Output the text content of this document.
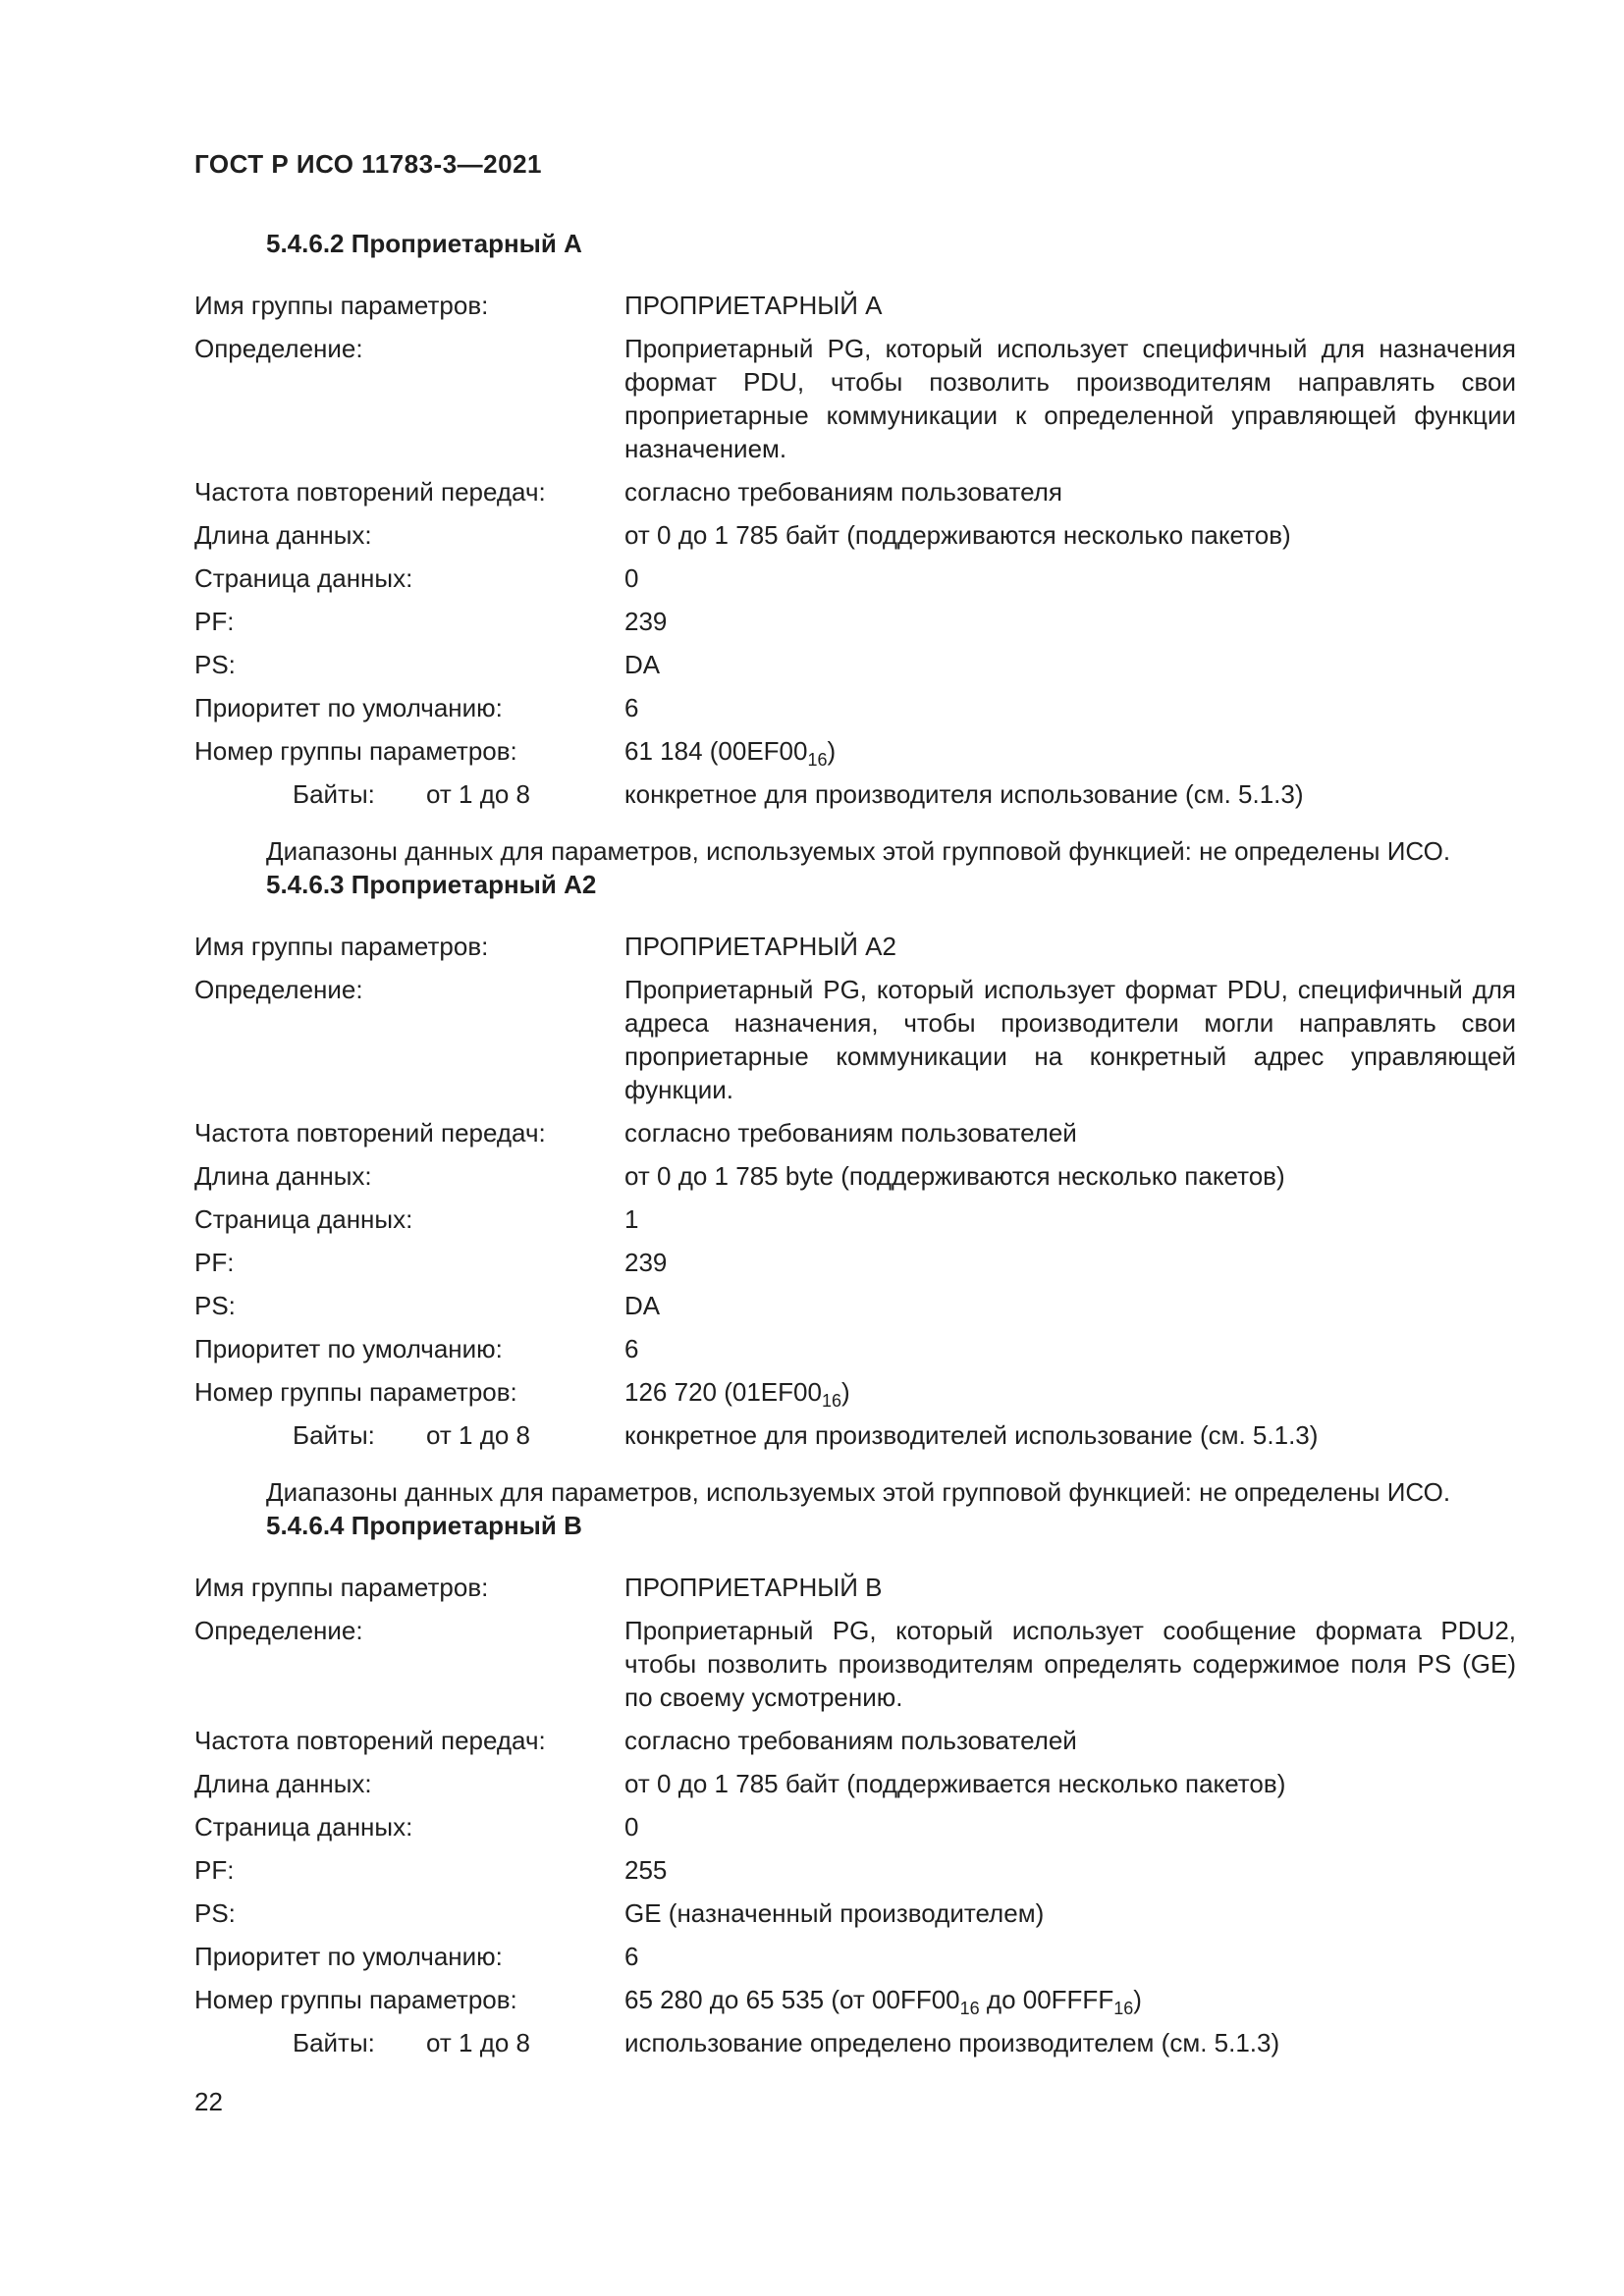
ГОСТ Р ИСО 11783-3—2021
5.4.6.2 Проприетарный А
Имя группы параметров:	ПРОПРИЕТАРНЫЙ А
Определение:	Проприетарный PG, который использует специфичный для назначения формат PDU, чтобы позволить производителям направлять свои проприетарные коммуникации к определенной управляющей функции назначением.
Частота повторений передач:	согласно требованиям пользователя
Длина данных:	от 0 до 1 785 байт (поддерживаются несколько пакетов)
Страница данных:	0
PF:	239
PS:	DA
Приоритет по умолчанию:	6
Номер группы параметров:	61 184 $(00EF00_{16})$
Байты: от 1 до 8	конкретное для производителя использование (см. 5.1.3)
Диапазоны данных для параметров, используемых этой групповой функцией: не определены ИСО.
5.4.6.3 Проприетарный А2
Имя группы параметров:	ПРОПРИЕТАРНЫЙ А2
Определение:	Проприетарный PG, который использует формат PDU, специфичный для адреса назначения, чтобы производители могли направлять свои проприетарные коммуникации на конкретный адрес управляющей функции.
Частота повторений передач:	согласно требованиям пользователей
Длина данных:	от 0 до 1 785 byte (поддерживаются несколько пакетов)
Страница данных:	1
PF:	239
PS:	DA
Приоритет по умолчанию:	6
Номер группы параметров:	126 720 $(01EF00_{16})$
Байты: от 1 до 8	конкретное для производителей использование (см. 5.1.3)
Диапазоны данных для параметров, используемых этой групповой функцией: не определены ИСО.
5.4.6.4 Проприетарный В
Имя группы параметров:	ПРОПРИЕТАРНЫЙ В
Определение:	Проприетарный PG, который использует сообщение формата PDU2, чтобы позволить производителям определять содержимое поля PS (GE) по своему усмотрению.
Частота повторений передач:	согласно требованиям пользователей
Длина данных:	от 0 до 1 785 байт (поддерживается несколько пакетов)
Страница данных:	0
PF:	255
PS:	GE (назначенный производителем)
Приоритет по умолчанию:	6
Номер группы параметров:	65 280 до 65 535 (от $00FF00_{16}$ до $00FFFF_{16}$)
Байты: от 1 до 8	использование определено производителем (см. 5.1.3)
22
